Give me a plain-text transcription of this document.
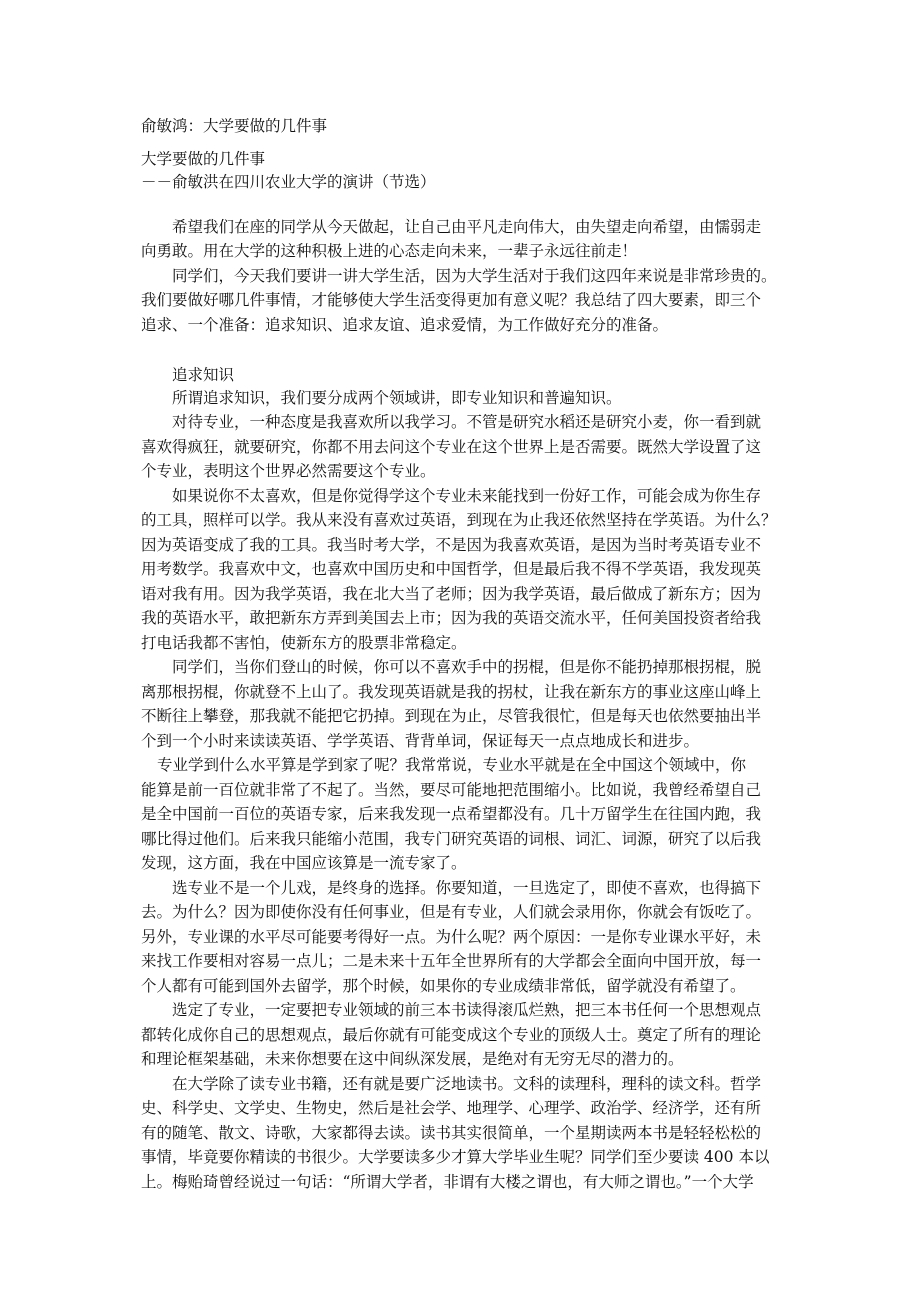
俞敏鸿：大学要做的几件事
大学要做的几件事
－－俞敏洪在四川农业大学的演讲（节选）
希望我们在座的同学从今天做起，让自己由平凡走向伟大，由失望走向希望，由懦弱走
向勇敢。用在大学的这种积极上进的心态走向未来，一辈子永远往前走！
同学们，今天我们要讲一讲大学生活，因为大学生活对于我们这四年来说是非常珍贵的。
我们要做好哪几件事情，才能够使大学生活变得更加有意义呢？我总结了四大要素，即三个
追求、一个准备：追求知识、追求友谊、追求爱情，为工作做好充分的准备。
追求知识
所谓追求知识，我们要分成两个领域讲，即专业知识和普遍知识。
对待专业，一种态度是我喜欢所以我学习。不管是研究水稻还是研究小麦，你一看到就
喜欢得疯狂，就要研究，你都不用去问这个专业在这个世界上是否需要。既然大学设置了这
个专业，表明这个世界必然需要这个专业。
如果说你不太喜欢，但是你觉得学这个专业未来能找到一份好工作，可能会成为你生存
的工具，照样可以学。我从来没有喜欢过英语，到现在为止我还依然坚持在学英语。为什么？
因为英语变成了我的工具。我当时考大学，不是因为我喜欢英语，是因为当时考英语专业不
用考数学。我喜欢中文，也喜欢中国历史和中国哲学，但是最后我不得不学英语，我发现英
语对我有用。因为我学英语，我在北大当了老师；因为我学英语，最后做成了新东方；因为
我的英语水平，敢把新东方弄到美国去上市；因为我的英语交流水平，任何美国投资者给我
打电话我都不害怕，使新东方的股票非常稳定。
同学们，当你们登山的时候，你可以不喜欢手中的拐棍，但是你不能扔掉那根拐棍，脱
离那根拐棍，你就登不上山了。我发现英语就是我的拐杖，让我在新东方的事业这座山峰上
不断往上攀登，那我就不能把它扔掉。到现在为止，尽管我很忙，但是每天也依然要抽出半
个到一个小时来读读英语、学学英语、背背单词，保证每天一点点地成长和进步。
专业学到什么水平算是学到家了呢？我常常说，专业水平就是在全中国这个领域中，你
能算是前一百位就非常了不起了。当然，要尽可能地把范围缩小。比如说，我曾经希望自己
是全中国前一百位的英语专家，后来我发现一点希望都没有。几十万留学生在往国内跑，我
哪比得过他们。后来我只能缩小范围，我专门研究英语的词根、词汇、词源，研究了以后我
发现，这方面，我在中国应该算是一流专家了。
选专业不是一个儿戏，是终身的选择。你要知道，一旦选定了，即使不喜欢，也得搞下
去。为什么？因为即使你没有任何事业，但是有专业，人们就会录用你，你就会有饭吃了。
另外，专业课的水平尽可能要考得好一点。为什么呢？两个原因：一是你专业课水平好，未
来找工作要相对容易一点儿；二是未来十五年全世界所有的大学都会全面向中国开放，每一
个人都有可能到国外去留学，那个时候，如果你的专业成绩非常低，留学就没有希望了。
选定了专业，一定要把专业领域的前三本书读得滚瓜烂熟，把三本书任何一个思想观点
都转化成你自己的思想观点，最后你就有可能变成这个专业的顶级人士。奠定了所有的理论
和理论框架基础，未来你想要在这中间纵深发展，是绝对有无穷无尽的潜力的。
在大学除了读专业书籍，还有就是要广泛地读书。文科的读理科，理科的读文科。哲学
史、科学史、文学史、生物史，然后是社会学、地理学、心理学、政治学、经济学，还有所
有的随笔、散文、诗歌，大家都得去读。读书其实很简单，一个星期读两本书是轻轻松松的
事情，毕竟要你精读的书很少。大学要读多少才算大学毕业生呢？同学们至少要读 400 本以
上。梅贻琦曾经说过一句话：“所谓大学者，非谓有大楼之谓也，有大师之谓也。”一个大学
